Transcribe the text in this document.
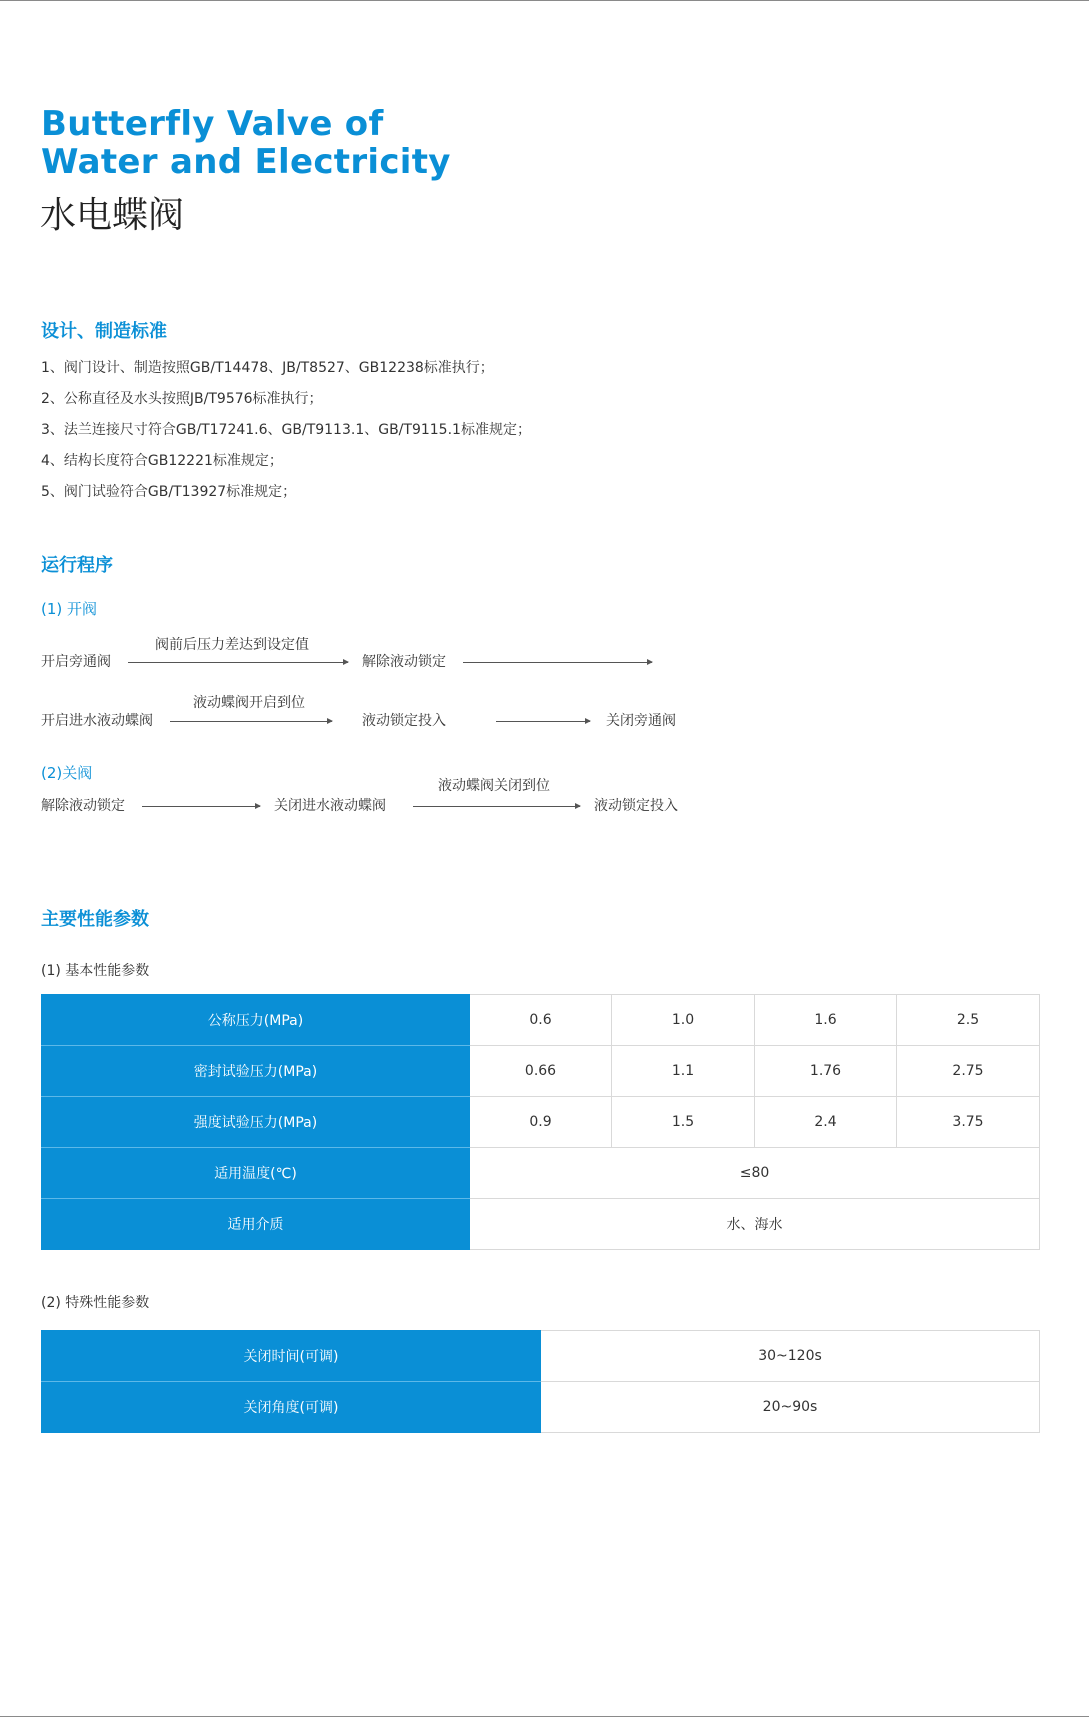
Butterfly Valve of
Water and Electricity
水电蝶阀
设计、制造标准
1、阀门设计、制造按照GB/T14478、JB/T8527、GB12238标准执行；
2、公称直径及水头按照JB/T9576标准执行；
3、法兰连接尺寸符合GB/T17241.6、GB/T9113.1、GB/T9115.1标准规定；
4、结构长度符合GB12221标准规定；
5、阀门试验符合GB/T13927标准规定；
运行程序
(1) 开阀
开启旁通阀
阀前后压力差达到设定值
解除液动锁定
开启进水液动蝶阀
液动蝶阀开启到位
液动锁定投入	关闭旁通阀
(2)关阀
解除液动锁定	关闭进水液动蝶阀
液动蝶阀关闭到位
液动锁定投入
主要性能参数
(1) 基本性能参数
公称压力(MPa)	0.6	1.0	1.6	2.5
密封试验压力(MPa)	0.66	1.1	1.76	2.75
强度试验压力(MPa)	0.9	1.5	2.4	3.75
适用温度(℃)	≤80			
适用介质	水、海水			
(2) 特殊性能参数
关闭时间(可调)	30~120s
关闭角度(可调)	20~90s
